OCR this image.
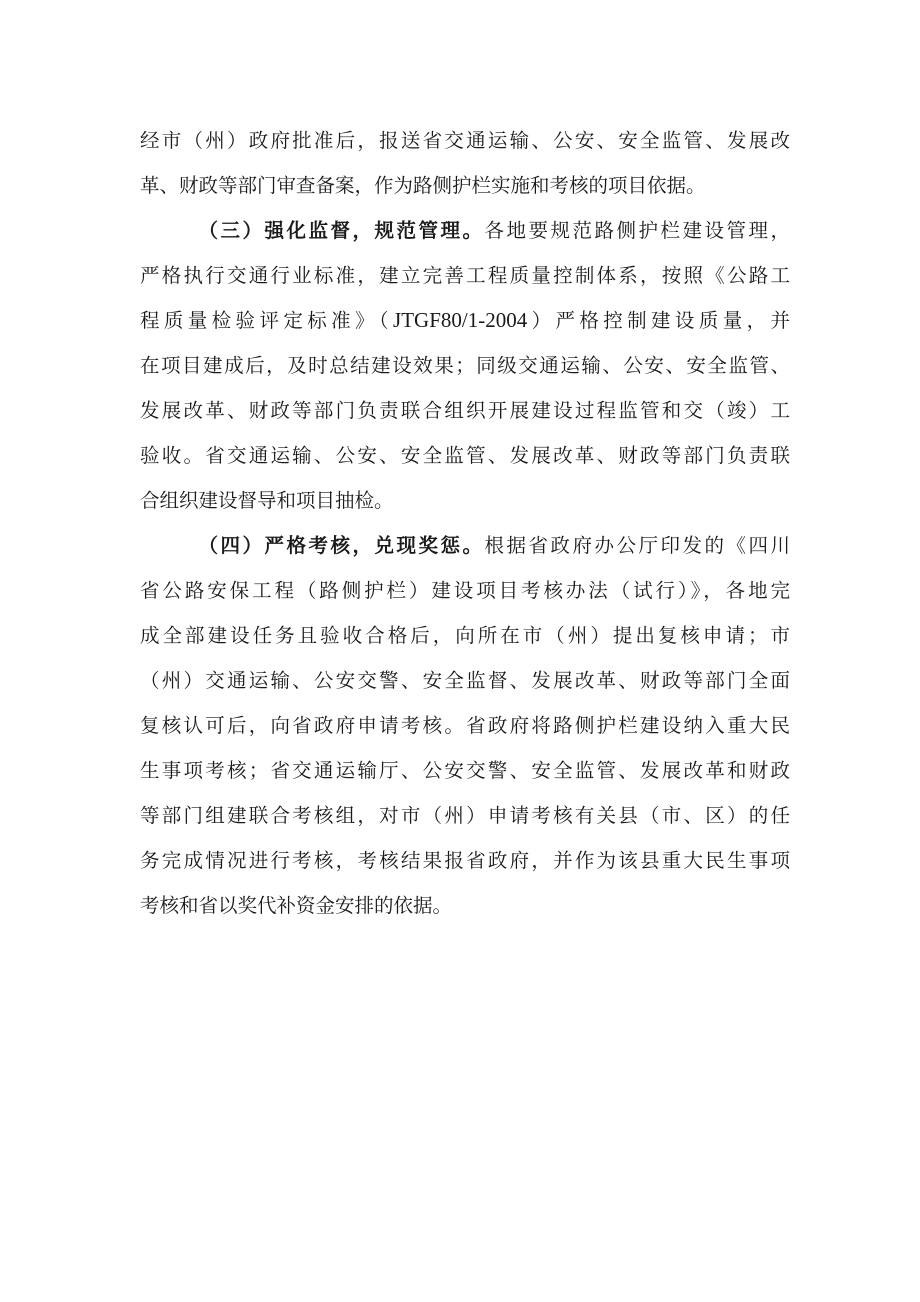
经市（州）政府批准后，报送省交通运输、公安、安全监管、发展改
革、财政等部门审查备案，作为路侧护栏实施和考核的项目依据。
（三）强化监督，规范管理。各地要规范路侧护栏建设管理，
严格执行交通行业标准，建立完善工程质量控制体系，按照《公路工
程质量检验评定标准》（JTGF80/1-2004）严格控制建设质量，并
在项目建成后，及时总结建设效果；同级交通运输、公安、安全监管、
发展改革、财政等部门负责联合组织开展建设过程监管和交（竣）工
验收。省交通运输、公安、安全监管、发展改革、财政等部门负责联
合组织建设督导和项目抽检。
（四）严格考核，兑现奖惩。根据省政府办公厅印发的《四川
省公路安保工程（路侧护栏）建设项目考核办法（试行）》，各地完
成全部建设任务且验收合格后，向所在市（州）提出复核申请；市
（州）交通运输、公安交警、安全监督、发展改革、财政等部门全面
复核认可后，向省政府申请考核。省政府将路侧护栏建设纳入重大民
生事项考核；省交通运输厅、公安交警、安全监管、发展改革和财政
等部门组建联合考核组，对市（州）申请考核有关县（市、区）的任
务完成情况进行考核，考核结果报省政府，并作为该县重大民生事项
考核和省以奖代补资金安排的依据。
